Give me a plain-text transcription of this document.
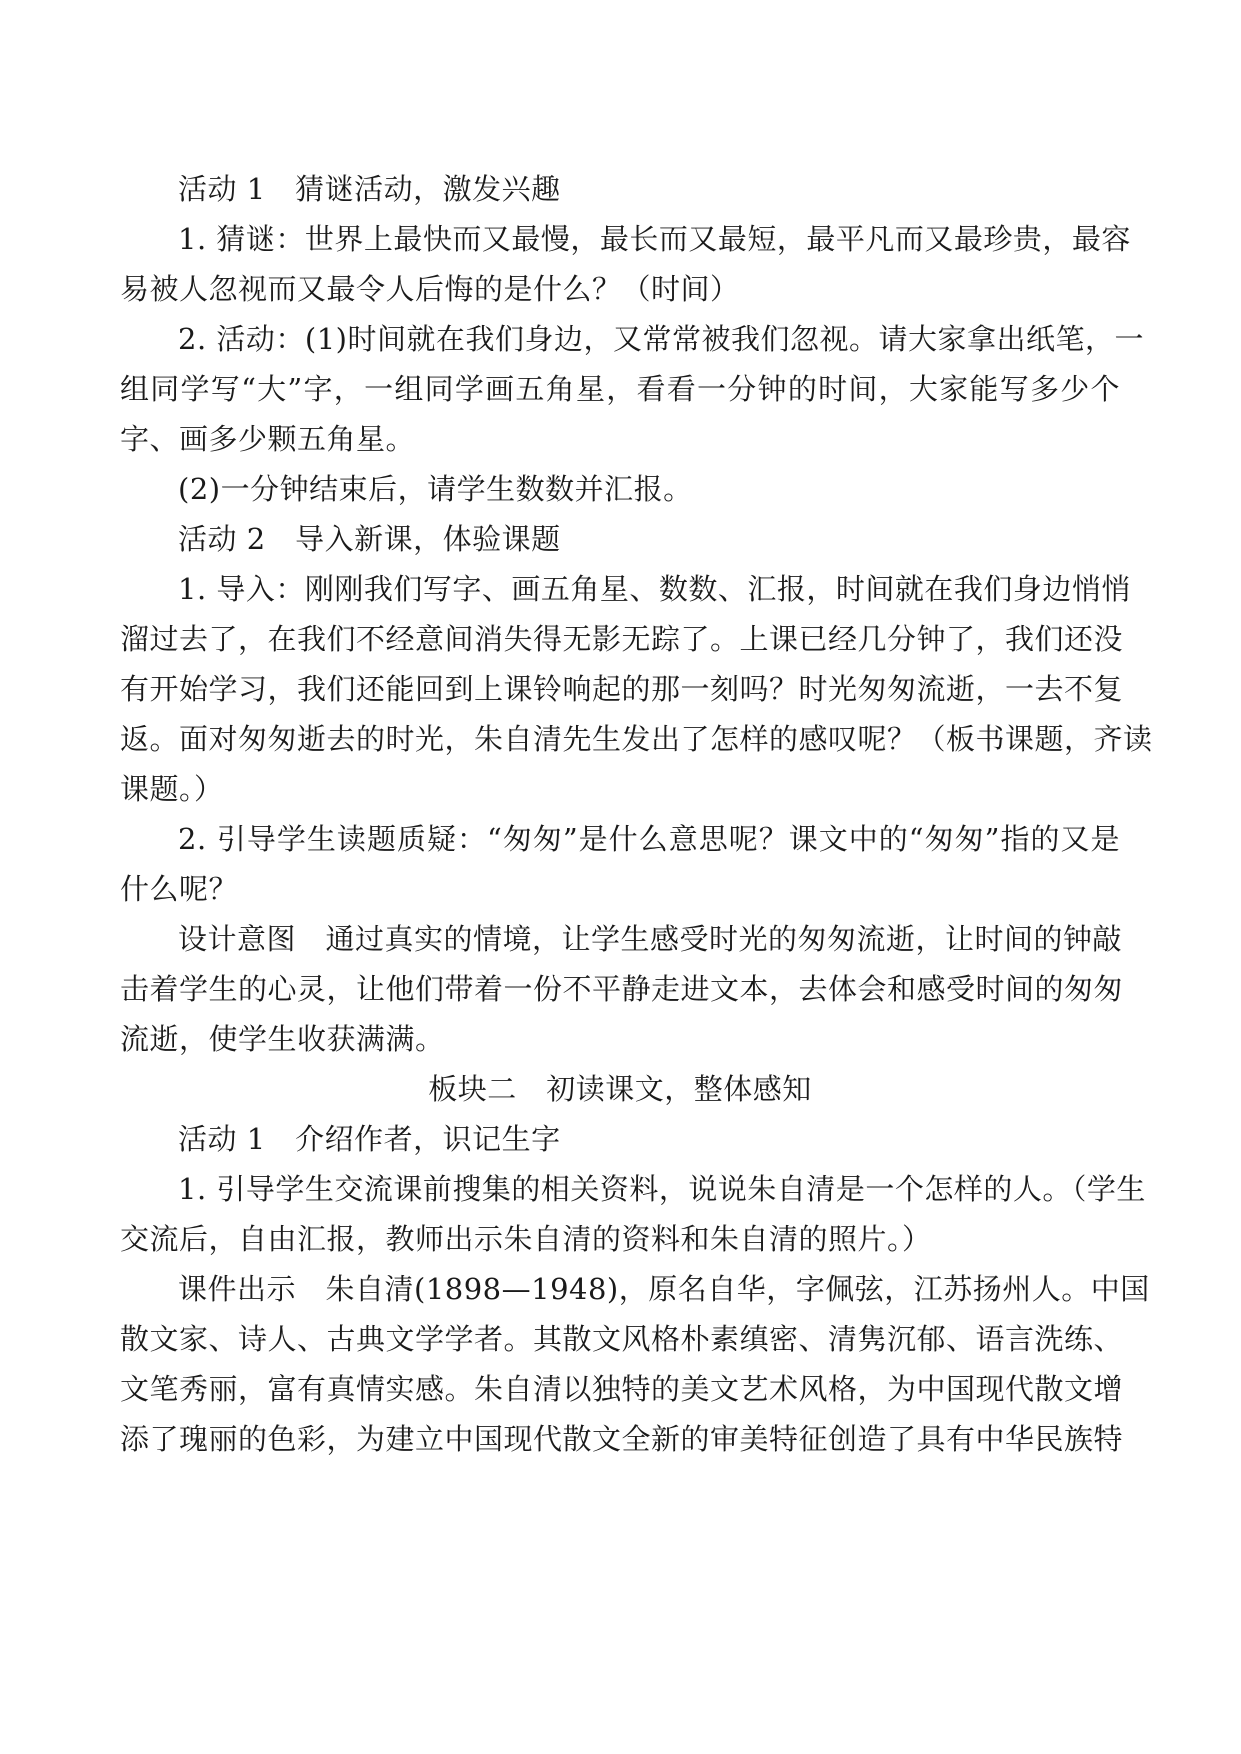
活动 1　猜谜活动，激发兴趣
1. 猜谜：世界上最快而又最慢，最长而又最短，最平凡而又最珍贵，最容
易被人忽视而又最令人后悔的是什么？（时间）
2. 活动：(1)时间就在我们身边，又常常被我们忽视。请大家拿出纸笔，一
组同学写“大”字，一组同学画五角星，看看一分钟的时间，大家能写多少个
字、画多少颗五角星。
(2)一分钟结束后，请学生数数并汇报。
活动 2　导入新课，体验课题
1. 导入：刚刚我们写字、画五角星、数数、汇报，时间就在我们身边悄悄
溜过去了，在我们不经意间消失得无影无踪了。上课已经几分钟了，我们还没
有开始学习，我们还能回到上课铃响起的那一刻吗？时光匆匆流逝，一去不复
返。面对匆匆逝去的时光，朱自清先生发出了怎样的感叹呢？（板书课题，齐读
课题。）
2. 引导学生读题质疑：“匆匆”是什么意思呢？课文中的“匆匆”指的又是
什么呢？
设计意图　通过真实的情境，让学生感受时光的匆匆流逝，让时间的钟敲
击着学生的心灵，让他们带着一份不平静走进文本，去体会和感受时间的匆匆
流逝，使学生收获满满。
板块二　初读课文，整体感知
活动 1　介绍作者，识记生字
1. 引导学生交流课前搜集的相关资料，说说朱自清是一个怎样的人。（学生
交流后，自由汇报，教师出示朱自清的资料和朱自清的照片。）
课件出示　朱自清(1898—1948)，原名自华，字佩弦，江苏扬州人。中国
散文家、诗人、古典文学学者。其散文风格朴素缜密、清隽沉郁、语言洗练、
文笔秀丽，富有真情实感。朱自清以独特的美文艺术风格，为中国现代散文增
添了瑰丽的色彩，为建立中国现代散文全新的审美特征创造了具有中华民族特
